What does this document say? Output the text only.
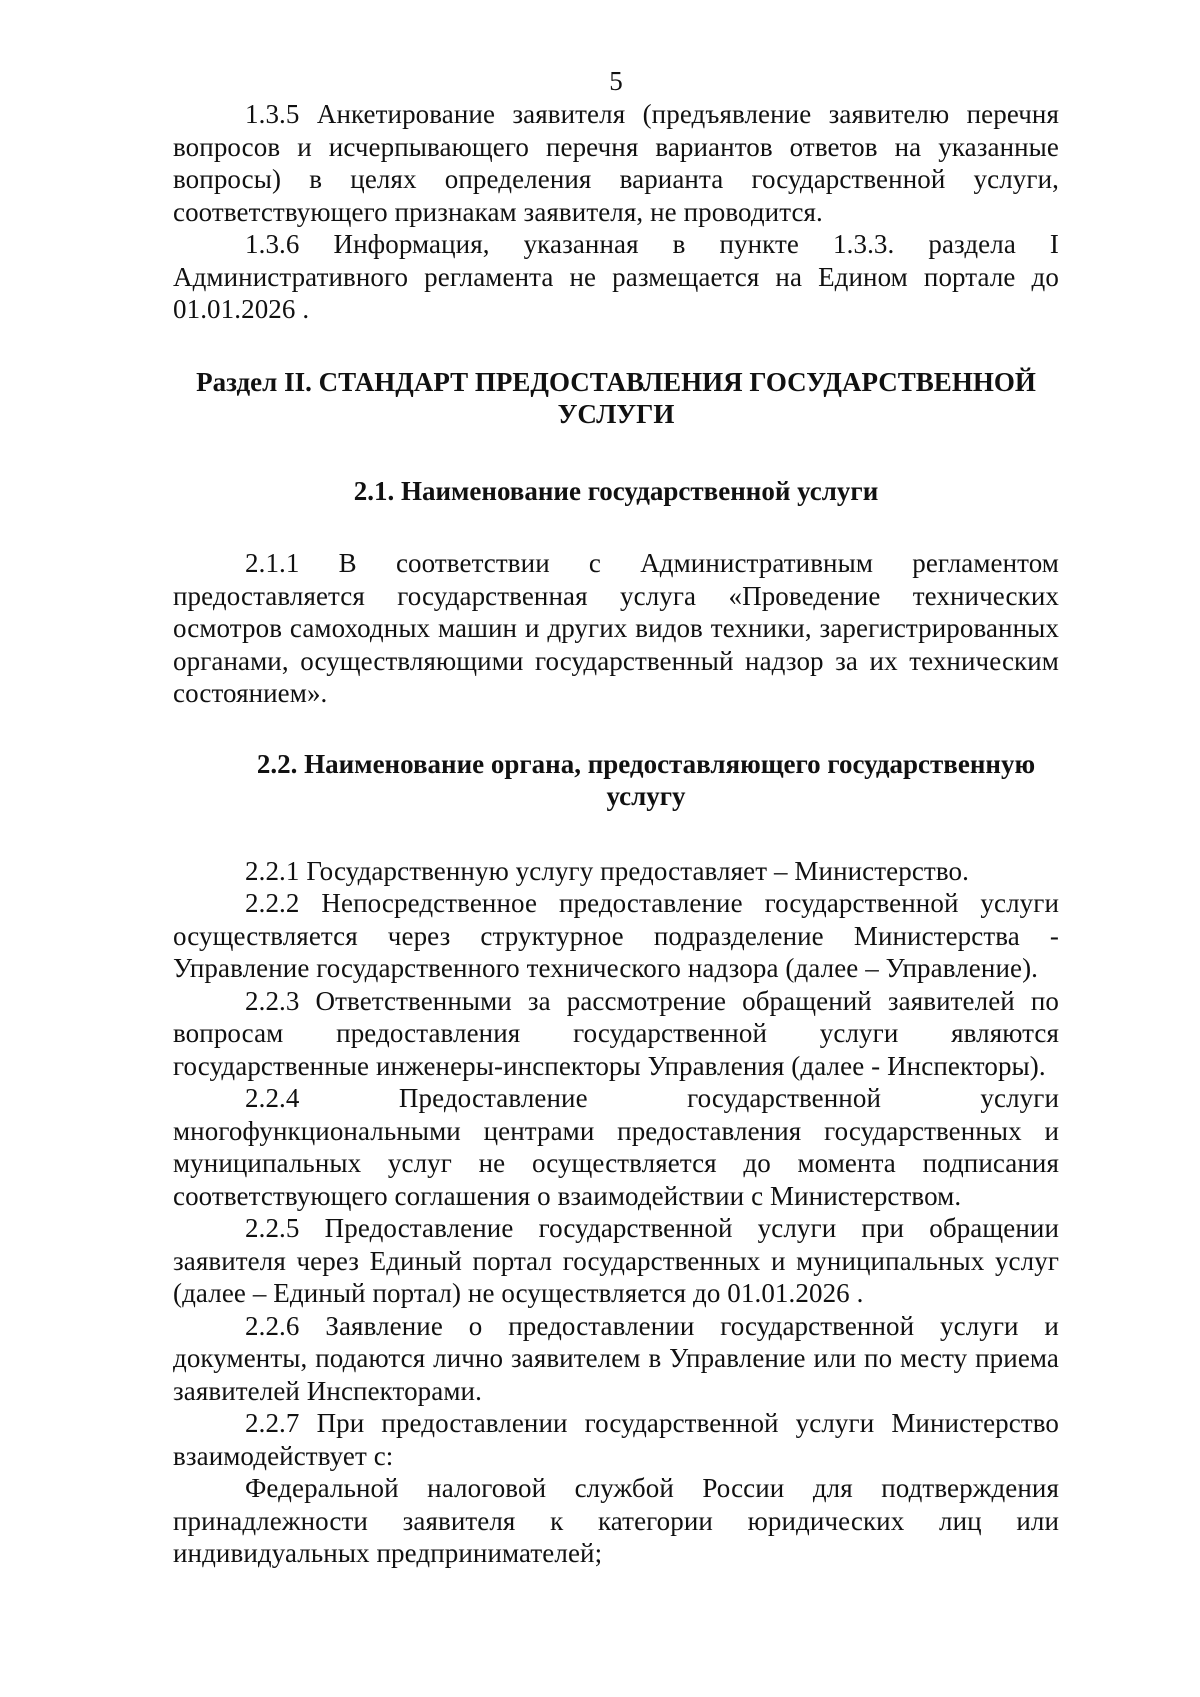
5

1.3.5 Анкетирование заявителя (предъявление заявителю перечня вопросов и исчерпывающего перечня вариантов ответов на указанные вопросы) в целях определения варианта государственной услуги, соответствующего признакам заявителя, не проводится.

1.3.6 Информация, указанная в пункте 1.3.3. раздела I Административного регламента не размещается на Едином портале до 01.01.2026 .

Раздел II. СТАНДАРТ ПРЕДОСТАВЛЕНИЯ ГОСУДАРСТВЕННОЙ
УСЛУГИ
2.1. Наименование государственной услуги

2.1.1 В соответствии с Административным регламентом предоставляется государственная услуга «Проведение технических осмотров самоходных машин и других видов техники, зарегистрированных органами, осуществляющими государственный надзор за их техническим состоянием».

2.2. Наименование органа, предоставляющего государственную
услугу

2.2.1 Государственную услугу предоставляет – Министерство.

2.2.2 Непосредственное предоставление государственной услуги осуществляется через структурное подразделение Министерства - Управление государственного технического надзора (далее – Управление).

2.2.3 Ответственными за рассмотрение обращений заявителей по вопросам предоставления государственной услуги являются государственные инженеры-инспекторы Управления (далее - Инспекторы).

2.2.4 Предоставление государственной услуги многофункциональными центрами предоставления государственных и муниципальных услуг не осуществляется до момента подписания соответствующего соглашения о взаимодействии с Министерством.

2.2.5 Предоставление государственной услуги при обращении заявителя через Единый портал государственных и муниципальных услуг (далее – Единый портал) не осуществляется до 01.01.2026 .

2.2.6 Заявление о предоставлении государственной услуги и документы, подаются лично заявителем в Управление или по месту приема заявителей Инспекторами.

2.2.7 При предоставлении государственной услуги Министерство взаимодействует с:

Федеральной налоговой службой России для подтверждения принадлежности заявителя к категории юридических лиц или индивидуальных предпринимателей;
